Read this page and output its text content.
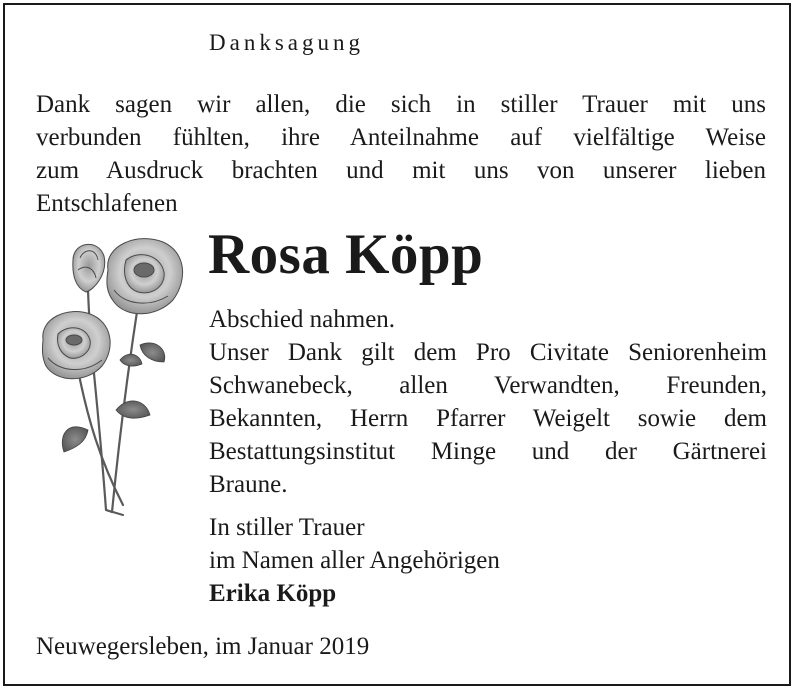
Danksagung
Dank sagen wir allen, die sich in stiller Trauer mit uns
verbunden fühlten, ihre Anteilnahme auf vielfältige Weise
zum Ausdruck brachten und mit uns von unserer lieben
Entschlafenen
Rosa Köpp
Abschied nahmen.
Unser Dank gilt dem Pro Civitate Seniorenheim
Schwanebeck, allen Verwandten, Freunden,
Bekannten, Herrn Pfarrer Weigelt sowie dem
Bestattungsinstitut Minge und der Gärtnerei
Braune.
In stiller Trauer
im Namen aller Angehörigen
Erika Köpp
Neuwegersleben, im Januar 2019
